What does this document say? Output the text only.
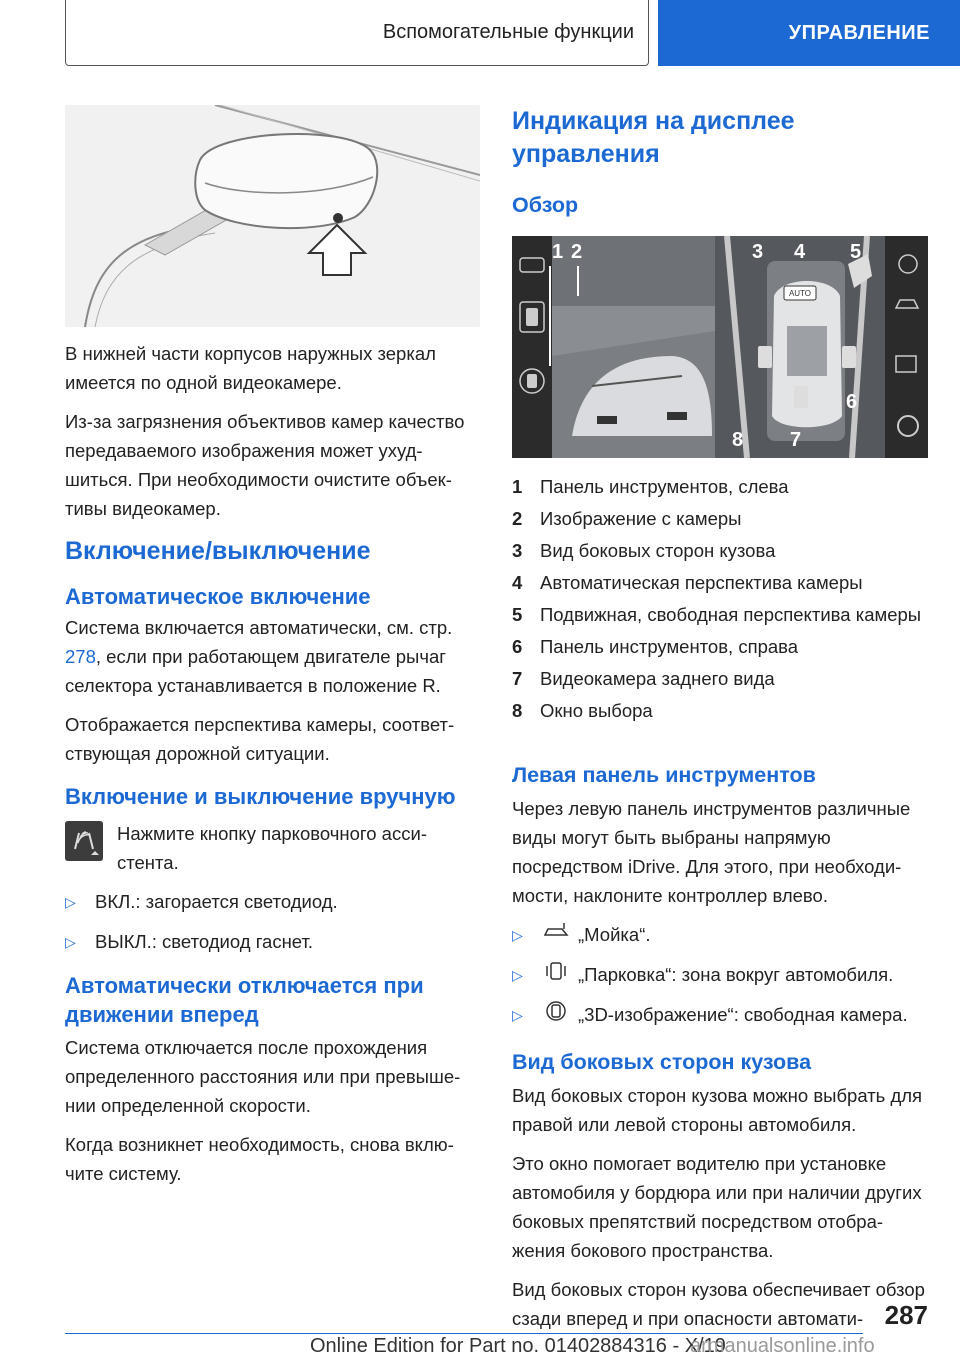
Вспомогательные функции	УПРАВЛЕНИЕ

В нижней части корпусов наружных зеркал имеется по одной видеокамере.

Из-за загрязнения объективов камер качество передаваемого изображения может ухудшиться. При необходимости очистите объективы видеокамер.

Включение/выключение
Автоматическое включение

Система включается автоматически, см. стр. 278, если при работающем двигателе рычаг селектора устанавливается в положение R.

Отображается перспектива камеры, соответствующая дорожной ситуации.

Включение и выключение вручную
Нажмите кнопку парковочного ассистента.
▷	ВКЛ.: загорается светодиод.
▷	ВЫКЛ.: светодиод гаснет.
Автоматически отключается при движении вперед

Система отключается после прохождения определенного расстояния или при превышении определенной скорости.

Когда возникнет необходимость, снова включите систему.

Индикация на дисплее управления
Обзор
AUTO
1 2	3 4 5
6
7
8
1 Панель инструментов, слева
2 Изображение с камеры
3 Вид боковых сторон кузова
4 Автоматическая перспектива камеры
5 Подвижная, свободная перспектива камеры
6 Панель инструментов, справа
7 Видеокамера заднего вида
8 Окно выбора
Левая панель инструментов

Через левую панель инструментов различные виды могут быть выбраны напрямую посредством iDrive. Для этого, при необходимости, наклоните контроллер влево.

▷	„Мойка“.
▷	„Парковка“: зона вокруг автомобиля.
▷	„3D-изображение“: свободная камера.
Вид боковых сторон кузова

Вид боковых сторон кузова можно выбрать для правой или левой стороны автомобиля.

Это окно помогает водителю при установке автомобиля у бордюра или при наличии других боковых препятствий посредством отображения бокового пространства.

Вид боковых сторон кузова обеспечивает обзор сзади вперед и при опасности автомати- 287
Online Edition for Part no. 01402884316 - X/19
armanualsonline.info
